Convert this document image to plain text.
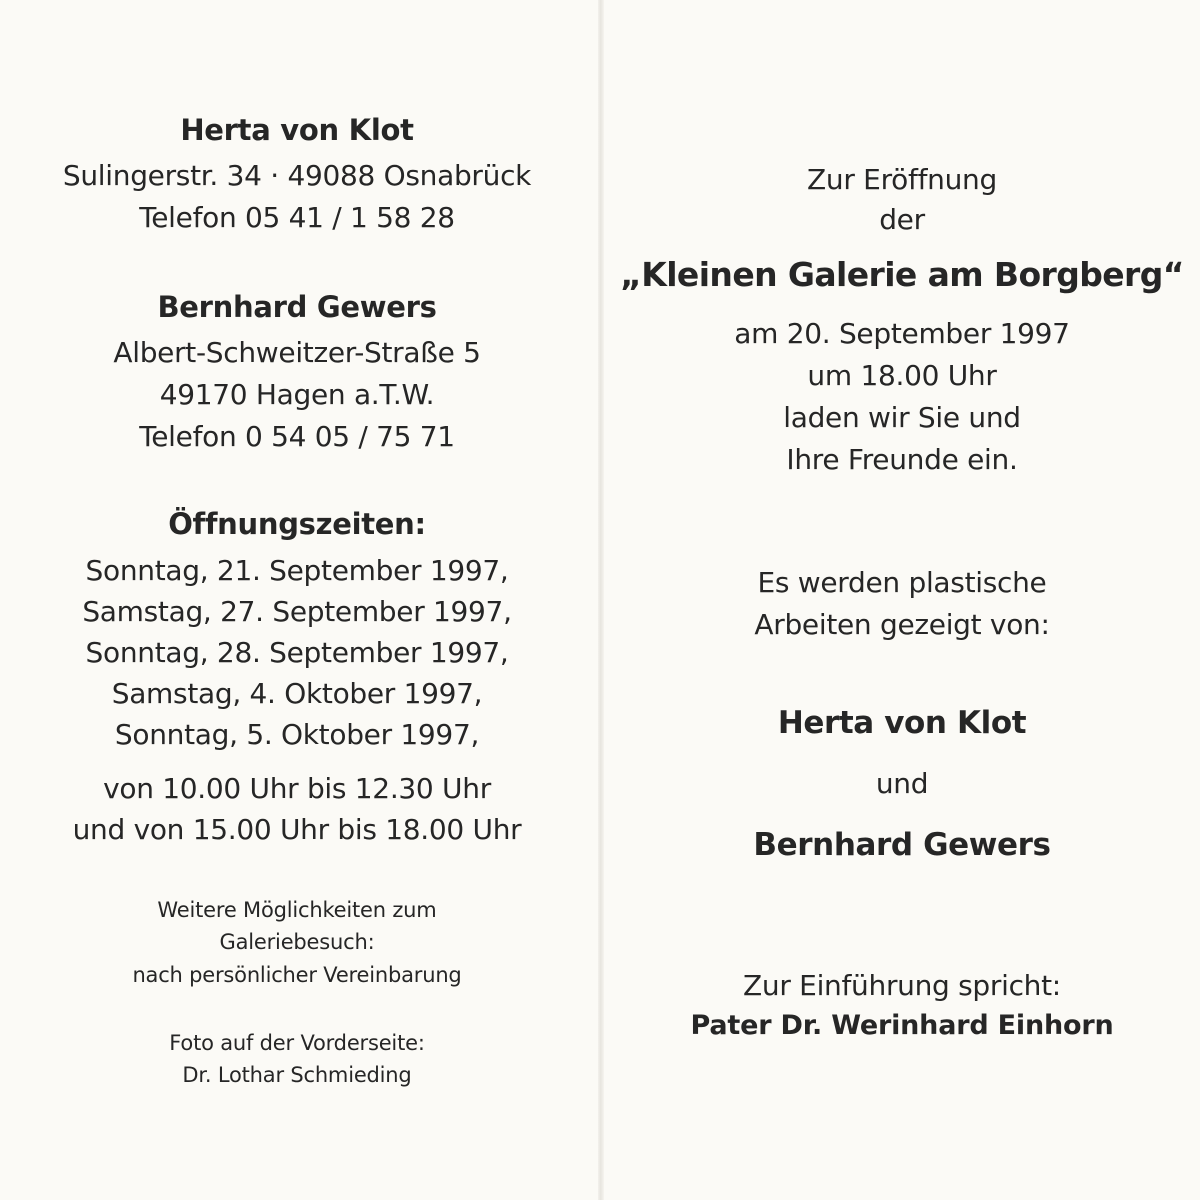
Herta von Klot
Sulingerstr. 34 · 49088 Osnabrück
Telefon 05 41 / 1 58 28
Bernhard Gewers
Albert-Schweitzer-Straße 5
49170 Hagen a.T.W.
Telefon 0 54 05 / 75 71
Öffnungszeiten:
Sonntag, 21. September 1997,
Samstag, 27. September 1997,
Sonntag, 28. September 1997,
Samstag, 4. Oktober 1997,
Sonntag, 5. Oktober 1997,
von 10.00 Uhr bis 12.30 Uhr
und von 15.00 Uhr bis 18.00 Uhr
Weitere Möglichkeiten zum
Galeriebesuch:
nach persönlicher Vereinbarung
Foto auf der Vorderseite:
Dr. Lothar Schmieding
Zur Eröffnung
der
„Kleinen Galerie am Borgberg“
am 20. September 1997
um 18.00 Uhr
laden wir Sie und
Ihre Freunde ein.
Es werden plastische
Arbeiten gezeigt von:
Herta von Klot
und
Bernhard Gewers
Zur Einführung spricht:
Pater Dr. Werinhard Einhorn
